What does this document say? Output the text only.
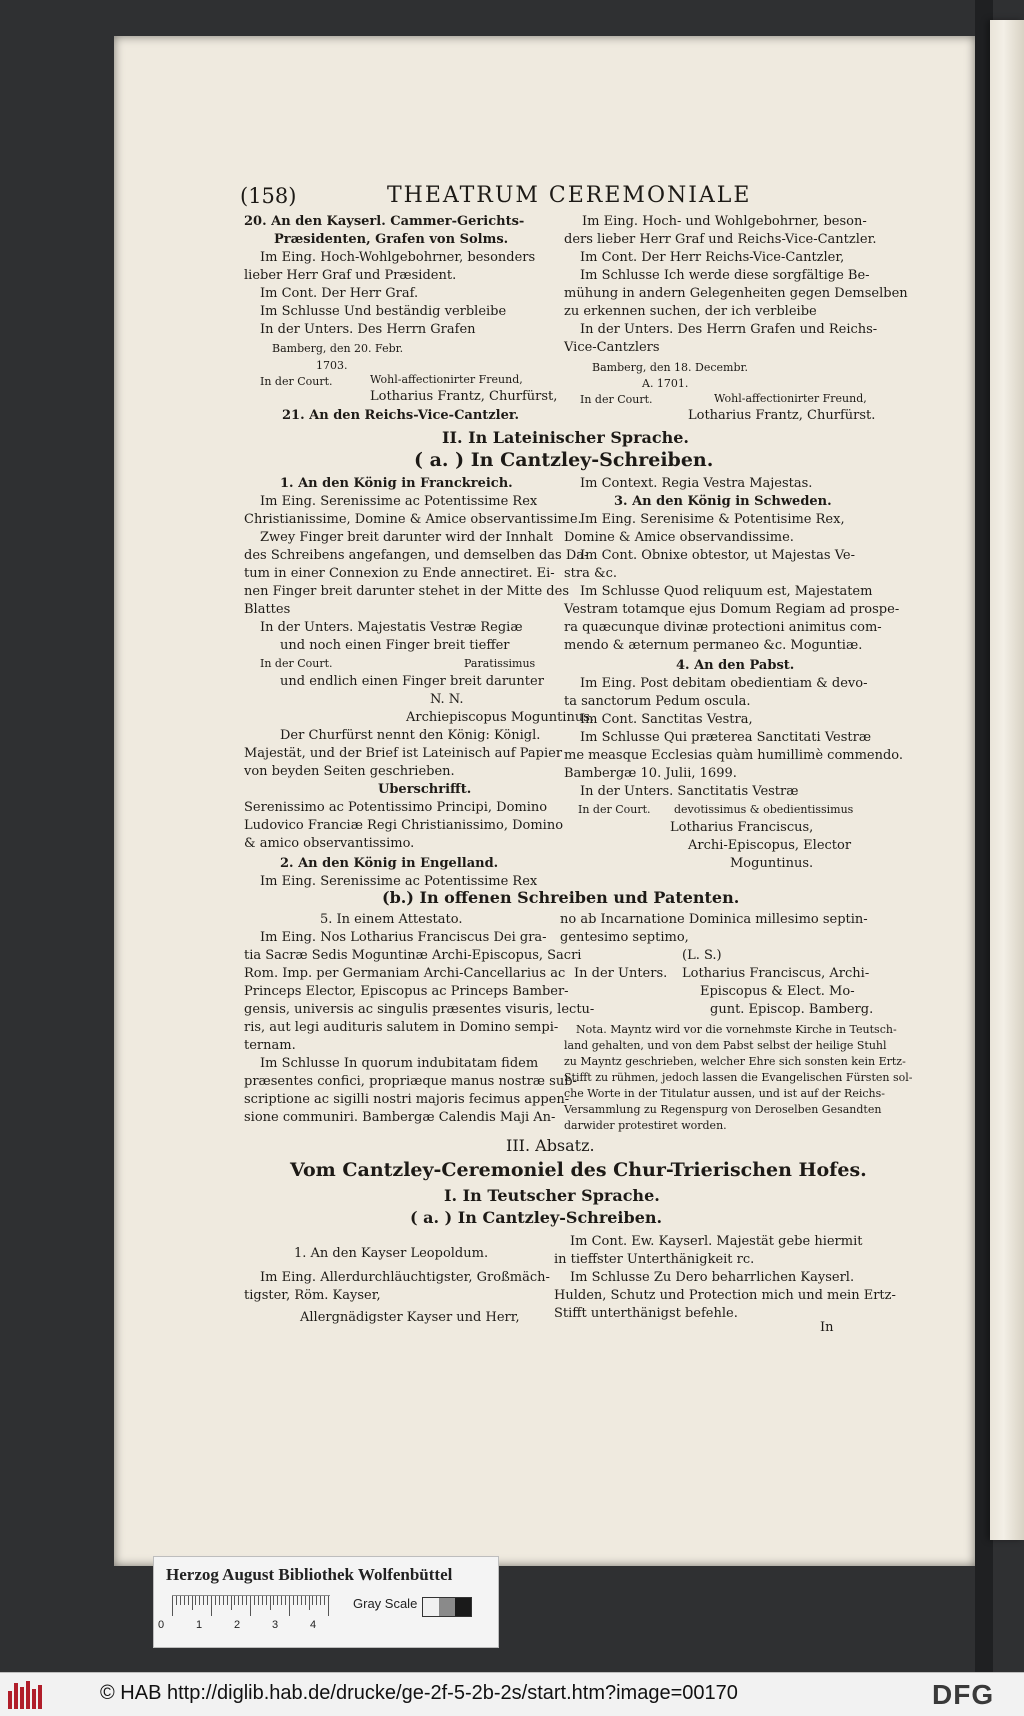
(158)	THEATRUM CEREMONIALE
20. An den Kayserl. Cammer-Gerichts-
Præsidenten, Grafen von Solms.
Im Eing. Hoch-Wohlgebohrner, besonders
lieber Herr Graf und Præsident.
Im Cont. Der Herr Graf.
Im Schlusse Und beständig verbleibe
In der Unters. Des Herrn Grafen
Bamberg, den 20. Febr.
1703.
In der Court.	Wohl-affectionirter Freund,
Lotharius Frantz, Churfürst,
21. An den Reichs-Vice-Cantzler.
Im Eing. Hoch- und Wohlgebohrner, beson-
ders lieber Herr Graf und Reichs-Vice-Cantzler.
Im Cont. Der Herr Reichs-Vice-Cantzler,
Im Schlusse Ich werde diese sorgfältige Be-
mühung in andern Gelegenheiten gegen Demselben
zu erkennen suchen, der ich verbleibe
In der Unters. Des Herrn Grafen und Reichs-
Vice-Cantzlers
Bamberg, den 18. Decembr.
A. 1701.
In der Court.	Wohl-affectionirter Freund,
Lotharius Frantz, Churfürst.
II. In Lateinischer Sprache.
( a. ) In Cantzley-Schreiben.
1. An den König in Franckreich.
Im Eing. Serenissime ac Potentissime Rex
Christianissime, Domine & Amice observantissime.
Zwey Finger breit darunter wird der Innhalt
des Schreibens angefangen, und demselben das Da-
tum in einer Connexion zu Ende annectiret. Ei-
nen Finger breit darunter stehet in der Mitte des
Blattes
In der Unters. Majestatis Vestræ Regiæ
und noch einen Finger breit tieffer
In der Court.	Paratissimus
und endlich einen Finger breit darunter
N. N.
Archiepiscopus Moguntinus.
Der Churfürst nennt den König: Königl.
Majestät, und der Brief ist Lateinisch auf Papier
von beyden Seiten geschrieben.
Uberschrifft.
Serenissimo ac Potentissimo Principi, Domino
Ludovico Franciæ Regi Christianissimo, Domino
& amico observantissimo.
2. An den König in Engelland.
Im Eing. Serenissime ac Potentissime Rex
Im Context. Regia Vestra Majestas.
3. An den König in Schweden.
Im Eing. Serenisime & Potentisime Rex,
Domine & Amice observandissime.
Im Cont. Obnixe obtestor, ut Majestas Ve-
stra &c.
Im Schlusse Quod reliquum est, Majestatem
Vestram totamque ejus Domum Regiam ad prospe-
ra quæcunque divinæ protectioni animitus com-
mendo & æternum permaneo &c. Moguntiæ.
4. An den Pabst.
Im Eing. Post debitam obedientiam & devo-
ta sanctorum Pedum oscula.
Im Cont. Sanctitas Vestra,
Im Schlusse Qui præterea Sanctitati Vestræ
me measque Ecclesias quàm humillimè commendo.
Bambergæ 10. Julii, 1699.
In der Unters. Sanctitatis Vestræ
In der Court. devotissimus & obedientissimus
Lotharius Franciscus,
Archi-Episcopus, Elector
Moguntinus.
(b.) In offenen Schreiben und Patenten.
5. In einem Attestato.
Im Eing. Nos Lotharius Franciscus Dei gra-
tia Sacræ Sedis Moguntinæ Archi-Episcopus, Sacri
Rom. Imp. per Germaniam Archi-Cancellarius ac
Princeps Elector, Episcopus ac Princeps Bamber-
gensis, universis ac singulis præsentes visuris, lectu-
ris, aut legi audituris salutem in Domino sempi-
ternam.
Im Schlusse In quorum indubitatam fidem
præsentes confici, propriæque manus nostræ sub-
scriptione ac sigilli nostri majoris fecimus appen-
sione communiri. Bambergæ Calendis Maji An-
no ab Incarnatione Dominica millesimo septin-
gentesimo septimo,
(L. S.)
In der Unters. Lotharius Franciscus, Archi-
Episcopus & Elect. Mo-
gunt. Episcop. Bamberg.
Nota. Mayntz wird vor die vornehmste Kirche in Teutsch-
land gehalten, und von dem Pabst selbst der heilige Stuhl
zu Mayntz geschrieben, welcher Ehre sich sonsten kein Ertz-
Stifft zu rühmen, jedoch lassen die Evangelischen Fürsten sol-
che Worte in der Titulatur aussen, und ist auf der Reichs-
Versammlung zu Regenspurg von Deroselben Gesandten
darwider protestiret worden.
III. Absatz.
Vom Cantzley-Ceremoniel des Chur-Trierischen Hofes.
I. In Teutscher Sprache.
( a. ) In Cantzley-Schreiben.
1. An den Kayser Leopoldum.
Im Eing. Allerdurchläuchtigster, Großmäch-
tigster, Röm. Kayser,
Allergnädigster Kayser und Herr,
Im Cont. Ew. Kayserl. Majestät gebe hiermit
in tieffster Unterthänigkeit rc.
Im Schlusse Zu Dero beharrlichen Kayserl.
Hulden, Schutz und Protection mich und mein Ertz-
Stifft unterthänigst befehle.
In
Herzog August Bibliothek Wolfenbüttel
0	1	2	3	4
Gray Scale
© HAB http://diglib.hab.de/drucke/ge-2f-5-2b-2s/start.htm?image=00170	DFG
